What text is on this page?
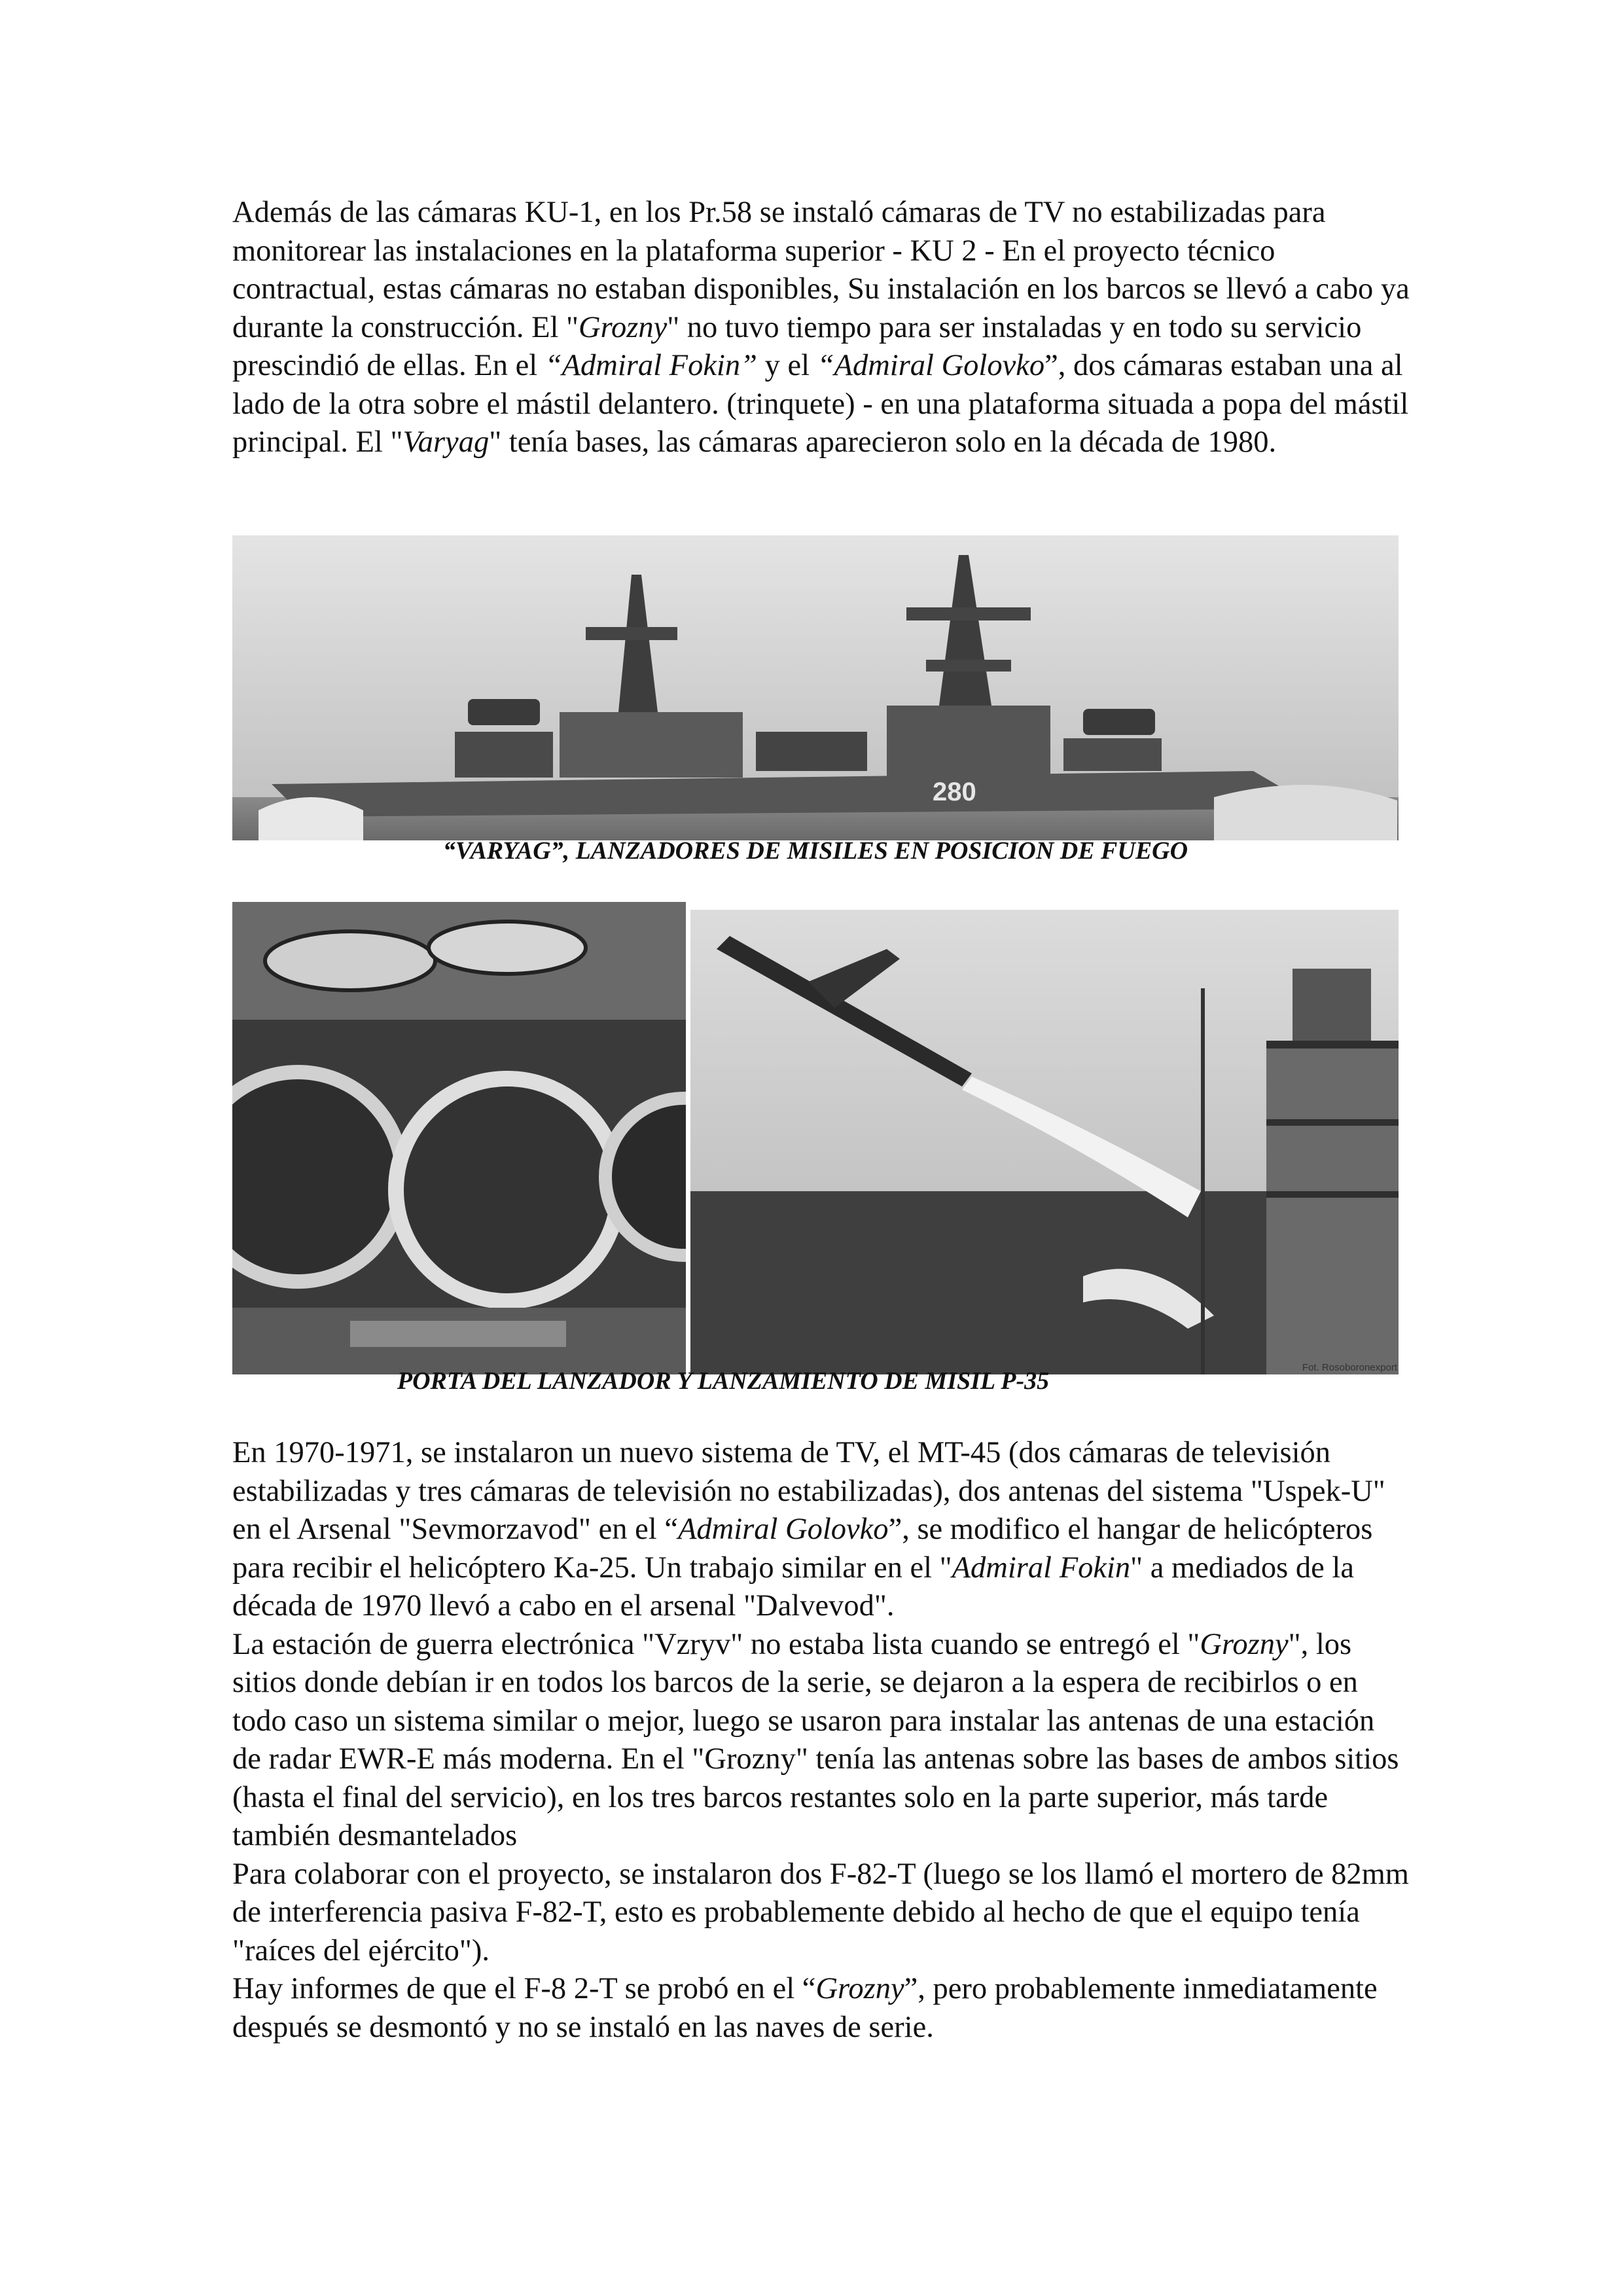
Además de las cámaras KU-1, en los Pr.58 se instaló cámaras de TV no estabilizadas para monitorear las instalaciones en la plataforma superior - KU 2 - En el proyecto técnico contractual, estas cámaras no estaban disponibles, Su instalación en los barcos se llevó a cabo ya durante la construcción. El "Grozny" no tuvo tiempo para ser instaladas y en todo su servicio prescindió de ellas. En el “Admiral Fokin” y el “Admiral Golovko”, dos cámaras estaban una al lado de la otra sobre el mástil delantero. (trinquete) - en una plataforma situada a popa del mástil principal. El "Varyag" tenía bases, las cámaras aparecieron solo en la década de 1980.

280
“VARYAG”, LANZADORES DE MISILES EN POSICION DE FUEGO
Fot. Rosoboronexport
PORTA DEL LANZADOR Y LANZAMIENTO DE MISIL P-35

En 1970-1971, se instalaron un nuevo sistema de TV, el MT-45 (dos cámaras de televisión estabilizadas y tres cámaras de televisión no estabilizadas), dos antenas del sistema "Uspek-U" en el Arsenal "Sevmorzavod" en el “Admiral Golovko”, se modifico el hangar de helicópteros para recibir el helicóptero Ka-25. Un trabajo similar en el "Admiral Fokin" a mediados de la década de 1970 llevó a cabo en el arsenal "Dalvevod".

La estación de guerra electrónica "Vzryv" no estaba lista cuando se entregó el "Grozny", los sitios donde debían ir en todos los barcos de la serie, se dejaron a la espera de recibirlos o en todo caso un sistema similar o mejor, luego se usaron para instalar las antenas de una estación de radar EWR-E más moderna. En el "Grozny" tenía las antenas sobre las bases de ambos sitios (hasta el final del servicio), en los tres barcos restantes solo en la parte superior, más tarde también desmantelados

Para colaborar con el proyecto, se instalaron dos F-82-T (luego se los llamó el mortero de 82mm de interferencia pasiva F-82-T, esto es probablemente debido al hecho de que el equipo tenía "raíces del ejército").

Hay informes de que el F-8 2-T se probó en el “Grozny”, pero probablemente inmediatamente después se desmontó y no se instaló en las naves de serie.
